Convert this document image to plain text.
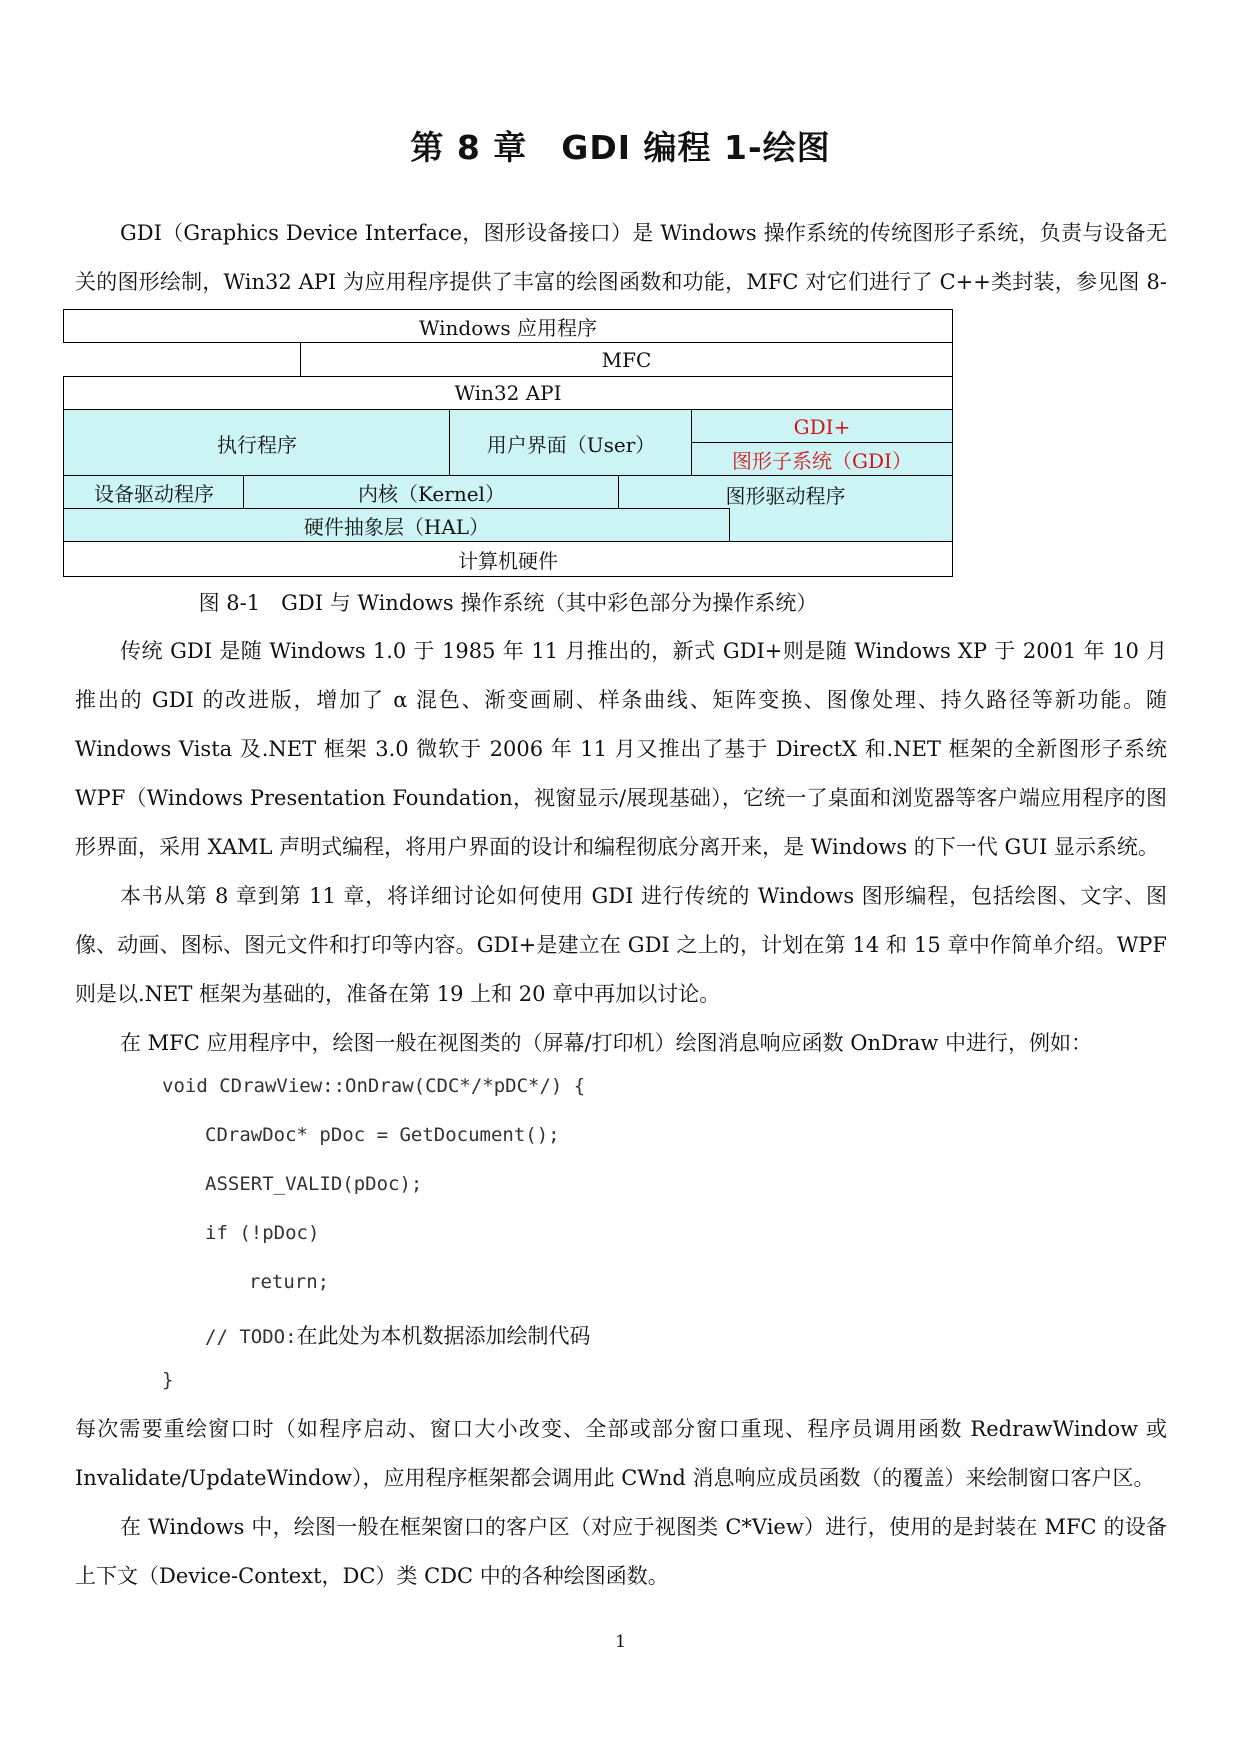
第 8 章　GDI 编程 1-绘图

GDI（Graphics Device Interface，图形设备接口）是 Windows 操作系统的传统图形子系统，负责与设备无关的图形绘制，Win32 API 为应用程序提供了丰富的绘图函数和功能，MFC 对它们进行了 C++类封装，参见图 8-

Windows 应用程序
MFC
Win32 API
执行程序	用户界面（User）
GDI+
图形子系统（GDI）
设备驱动程序	内核（Kernel）	图形驱动程序
硬件抽象层（HAL）
计算机硬件
图 8-1　GDI 与 Windows 操作系统（其中彩色部分为操作系统）

传统 GDI 是随 Windows 1.0 于 1985 年 11 月推出的，新式 GDI+则是随 Windows XP 于 2001 年 10 月推出的 GDI 的改进版，增加了 α 混色、渐变画刷、样条曲线、矩阵变换、图像处理、持久路径等新功能。随 Windows Vista 及.NET 框架 3.0 微软于 2006 年 11 月又推出了基于 DirectX 和.NET 框架的全新图形子系统 WPF（Windows Presentation Foundation，视窗显示/展现基础），它统一了桌面和浏览器等客户端应用程序的图形界面，采用 XAML 声明式编程，将用户界面的设计和编程彻底分离开来，是 Windows 的下一代 GUI 显示系统。

本书从第 8 章到第 11 章，将详细讨论如何使用 GDI 进行传统的 Windows 图形编程，包括绘图、文字、图像、动画、图标、图元文件和打印等内容。GDI+是建立在 GDI 之上的，计划在第 14 和 15 章中作简单介绍。WPF 则是以.NET 框架为基础的，准备在第 19 上和 20 章中再加以讨论。

在 MFC 应用程序中，绘图一般在视图类的（屏幕/打印机）绘图消息响应函数 OnDraw 中进行，例如：

void CDrawView::OnDraw(CDC*/*pDC*/) {
CDrawDoc* pDoc = GetDocument();
ASSERT_VALID(pDoc);
if (!pDoc)
return;
// TODO:在此处为本机数据添加绘制代码
}

每次需要重绘窗口时（如程序启动、窗口大小改变、全部或部分窗口重现、程序员调用函数 RedrawWindow 或 Invalidate/UpdateWindow），应用程序框架都会调用此 CWnd 消息响应成员函数（的覆盖）来绘制窗口客户区。

在 Windows 中，绘图一般在框架窗口的客户区（对应于视图类 C*View）进行，使用的是封装在 MFC 的设备上下文（Device-Context，DC）类 CDC 中的各种绘图函数。

1
